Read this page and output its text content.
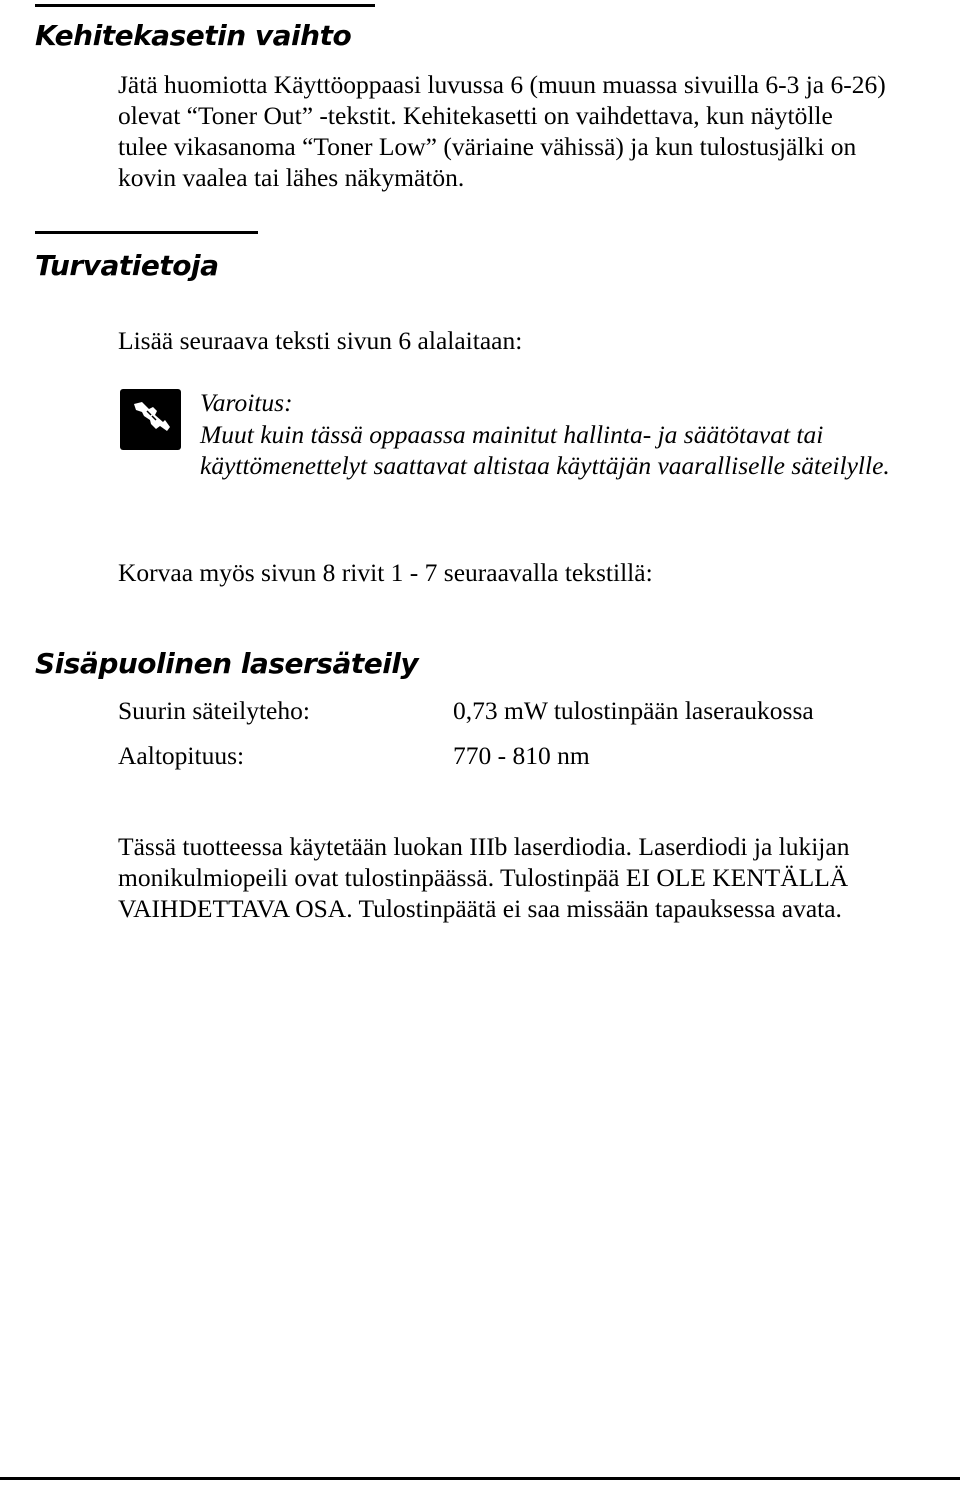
Kehitekasetin vaihto

Jätä huomiotta Käyttöoppaasi luvussa 6 (muun muassa sivuilla 6-3 ja 6-26) olevat “Toner Out” -tekstit. Kehitekasetti on vaihdettava, kun näytölle tulee vikasanoma “Toner Low” (väriaine vähissä) ja kun tulostusjälki on kovin vaalea tai lähes näkymätön.

Turvatietoja

Lisää seuraava teksti sivun 6 alalaitaan:

Varoitus:

Muut kuin tässä oppaassa mainitut hallinta- ja säätötavat tai käyttömenettelyt saattavat altistaa käyttäjän vaaralliselle säteilylle.

Korvaa myös sivun 8 rivit 1 - 7 seuraavalla tekstillä:

Sisäpuolinen lasersäteily
Suurin säteilyteho:	0,73 mW tulostinpään laseraukossa
Aaltopituus:	770 - 810 nm

Tässä tuotteessa käytetään luokan IIIb laserdiodia. Laserdiodi ja lukijan monikulmiopeili ovat tulostinpäässä. Tulostinpää EI OLE KENTÄLLÄ VAIHDETTAVA OSA. Tulostinpäätä ei saa missään tapauksessa avata.
